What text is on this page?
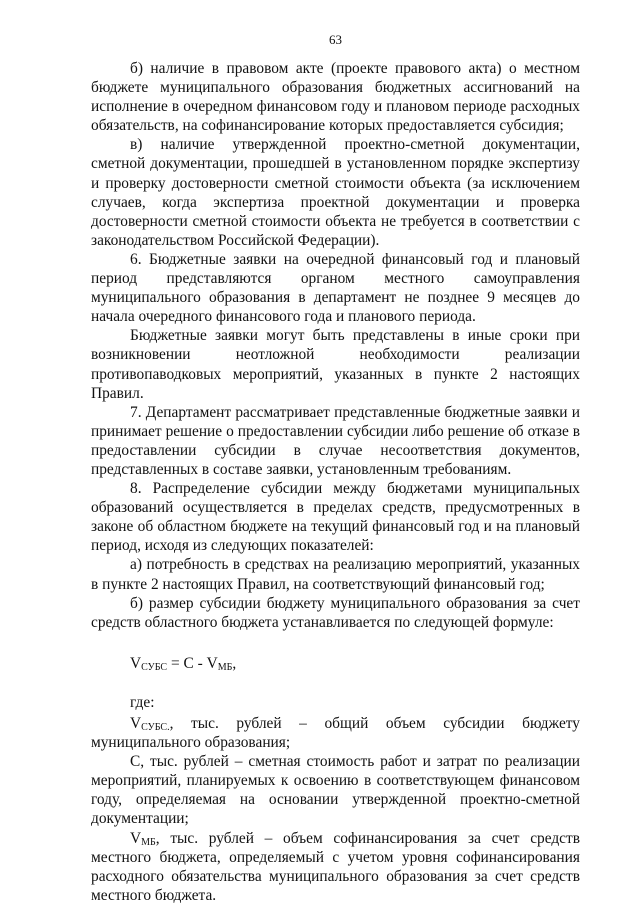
63

б) наличие в правовом акте (проекте правового акта) о местном бюджете муниципального образования бюджетных ассигнований на исполнение в очередном финансовом году и плановом периоде расходных обязательств, на софинансирование которых предоставляется субсидия;

в) наличие утвержденной проектно-сметной документации, сметной документации, прошедшей в установленном порядке экспертизу и проверку достоверности сметной стоимости объекта (за исключением случаев, когда экспертиза проектной документации и проверка достоверности сметной стоимости объекта не требуется в соответствии с законодательством Российской Федерации).

6. Бюджетные заявки на очередной финансовый год и плановый период представляются органом местного самоуправления муниципального образования в департамент не позднее 9 месяцев до начала очередного финансового года и планового периода.

Бюджетные заявки могут быть представлены в иные сроки при возникновении неотложной необходимости реализации противопаводковых мероприятий, указанных в пункте 2 настоящих Правил.

7. Департамент рассматривает представленные бюджетные заявки и принимает решение о предоставлении субсидии либо решение об отказе в предоставлении субсидии в случае несоответствия документов, представленных в составе заявки, установленным требованиям.

8. Распределение субсидии между бюджетами муниципальных образований осуществляется в пределах средств, предусмотренных в законе об областном бюджете на текущий финансовый год и на плановый период, исходя из следующих показателей:

а) потребность в средствах на реализацию мероприятий, указанных в пункте 2 настоящих Правил, на соответствующий финансовый год;

б) размер субсидии бюджету муниципального образования за счет средств областного бюджета устанавливается по следующей формуле:

$V_{СУБС} = С - V_{МБ}$,

где:

$V_{СУБС.}$, тыс. рублей – общий объем субсидии бюджету муниципального образования;

С, тыс. рублей – сметная стоимость работ и затрат по реализации мероприятий, планируемых к освоению в соответствующем финансовом году, определяемая на основании утвержденной проектно-сметной документации;

$V_{МБ}$, тыс. рублей – объем софинансирования за счет средств местного бюджета, определяемый с учетом уровня софинансирования расходного обязательства муниципального образования за счет средств местного бюджета.
